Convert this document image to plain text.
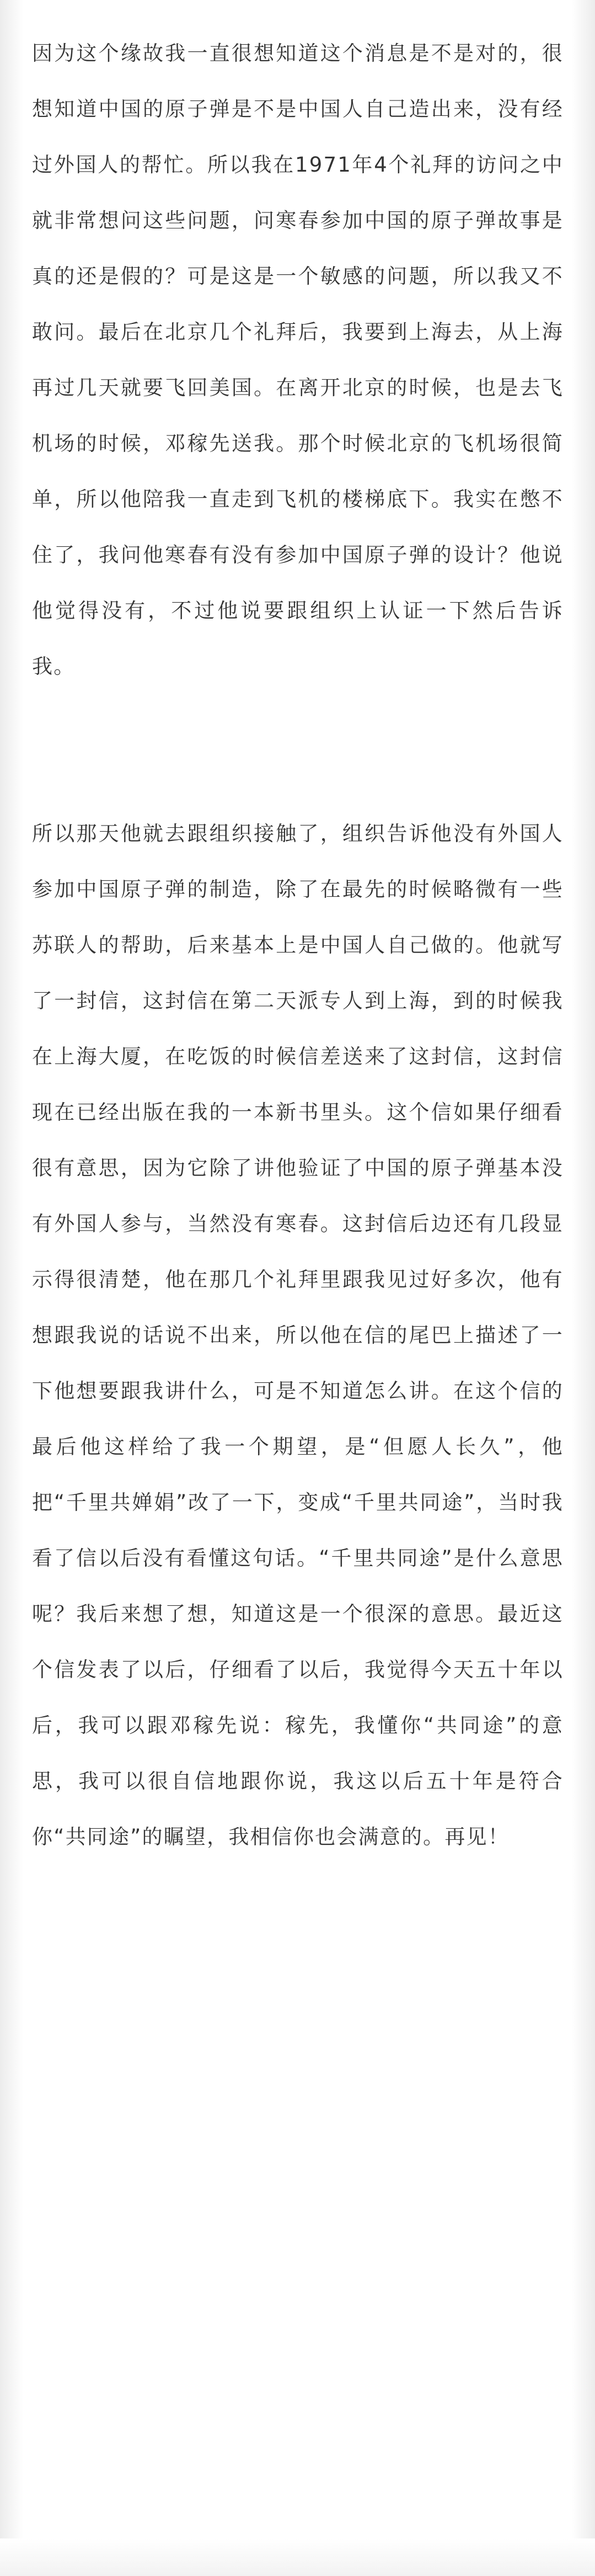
因为这个缘故我一直很想知道这个消息是不是对的，很想知道中国的原子弹是不是中国人自己造出来，没有经过外国人的帮忙。所以我在1971年4个礼拜的访问之中就非常想问这些问题，问寒春参加中国的原子弹故事是真的还是假的？可是这是一个敏感的问题，所以我又不敢问。最后在北京几个礼拜后，我要到上海去，从上海再过几天就要飞回美国。在离开北京的时候，也是去飞机场的时候，邓稼先送我。那个时候北京的飞机场很简单，所以他陪我一直走到飞机的楼梯底下。我实在憋不住了，我问他寒春有没有参加中国原子弹的设计？他说他觉得没有，不过他说要跟组织上认证一下然后告诉我。

所以那天他就去跟组织接触了，组织告诉他没有外国人参加中国原子弹的制造，除了在最先的时候略微有一些苏联人的帮助，后来基本上是中国人自己做的。他就写了一封信，这封信在第二天派专人到上海，到的时候我在上海大厦，在吃饭的时候信差送来了这封信，这封信现在已经出版在我的一本新书里头。这个信如果仔细看很有意思，因为它除了讲他验证了中国的原子弹基本没有外国人参与，当然没有寒春。这封信后边还有几段显示得很清楚，他在那几个礼拜里跟我见过好多次，他有想跟我说的话说不出来，所以他在信的尾巴上描述了一下他想要跟我讲什么，可是不知道怎么讲。在这个信的最后他这样给了我一个期望，是“但愿人长久”，他把“千里共婵娟”改了一下，变成“千里共同途”，当时我看了信以后没有看懂这句话。“千里共同途”是什么意思呢？我后来想了想，知道这是一个很深的意思。最近这个信发表了以后，仔细看了以后，我觉得今天五十年以后，我可以跟邓稼先说：稼先，我懂你“共同途”的意思，我可以很自信地跟你说，我这以后五十年是符合你“共同途”的瞩望，我相信你也会满意的。再见！
